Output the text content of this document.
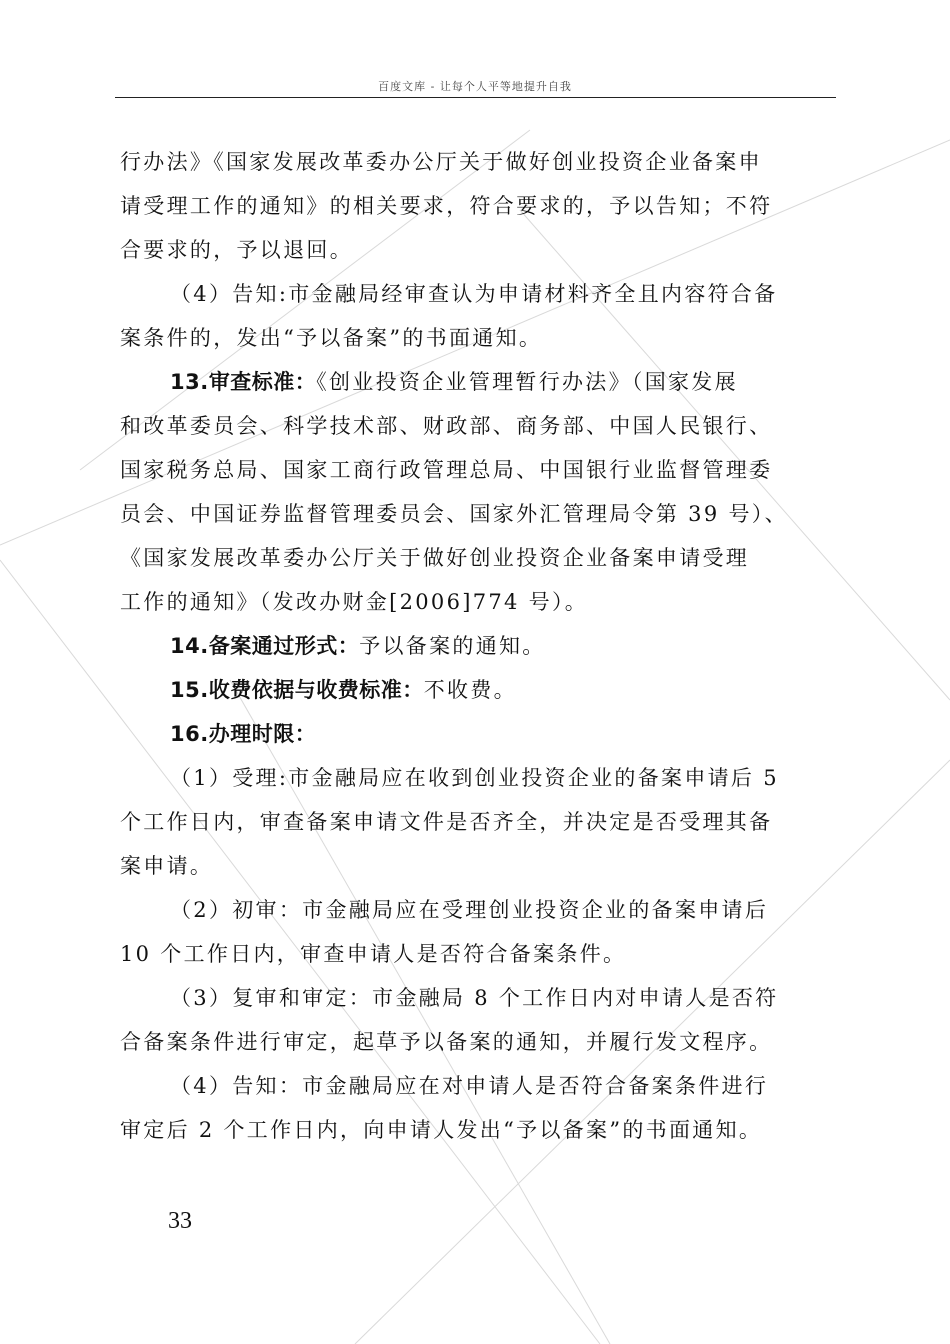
百度文库 - 让每个人平等地提升自我
行办法》《国家发展改革委办公厅关于做好创业投资企业备案申
请受理工作的通知》的相关要求，符合要求的，予以告知；不符
合要求的，予以退回。
（4）告知:市金融局经审查认为申请材料齐全且内容符合备
案条件的，发出“予以备案”的书面通知。
13.审查标准：《创业投资企业管理暂行办法》（国家发展
和改革委员会、科学技术部、财政部、商务部、中国人民银行、
国家税务总局、国家工商行政管理总局、中国银行业监督管理委
员会、中国证券监督管理委员会、国家外汇管理局令第 39 号）、
《国家发展改革委办公厅关于做好创业投资企业备案申请受理
工作的通知》（发改办财金[2006]774 号）。
14.备案通过形式：予以备案的通知。
15.收费依据与收费标准：不收费。
16.办理时限：
（1）受理:市金融局应在收到创业投资企业的备案申请后 5
个工作日内，审查备案申请文件是否齐全，并决定是否受理其备
案申请。
（2）初审：市金融局应在受理创业投资企业的备案申请后
10 个工作日内，审查申请人是否符合备案条件。
（3）复审和审定：市金融局 8 个工作日内对申请人是否符
合备案条件进行审定，起草予以备案的通知，并履行发文程序。
（4）告知：市金融局应在对申请人是否符合备案条件进行
审定后 2 个工作日内，向申请人发出“予以备案”的书面通知。
33
